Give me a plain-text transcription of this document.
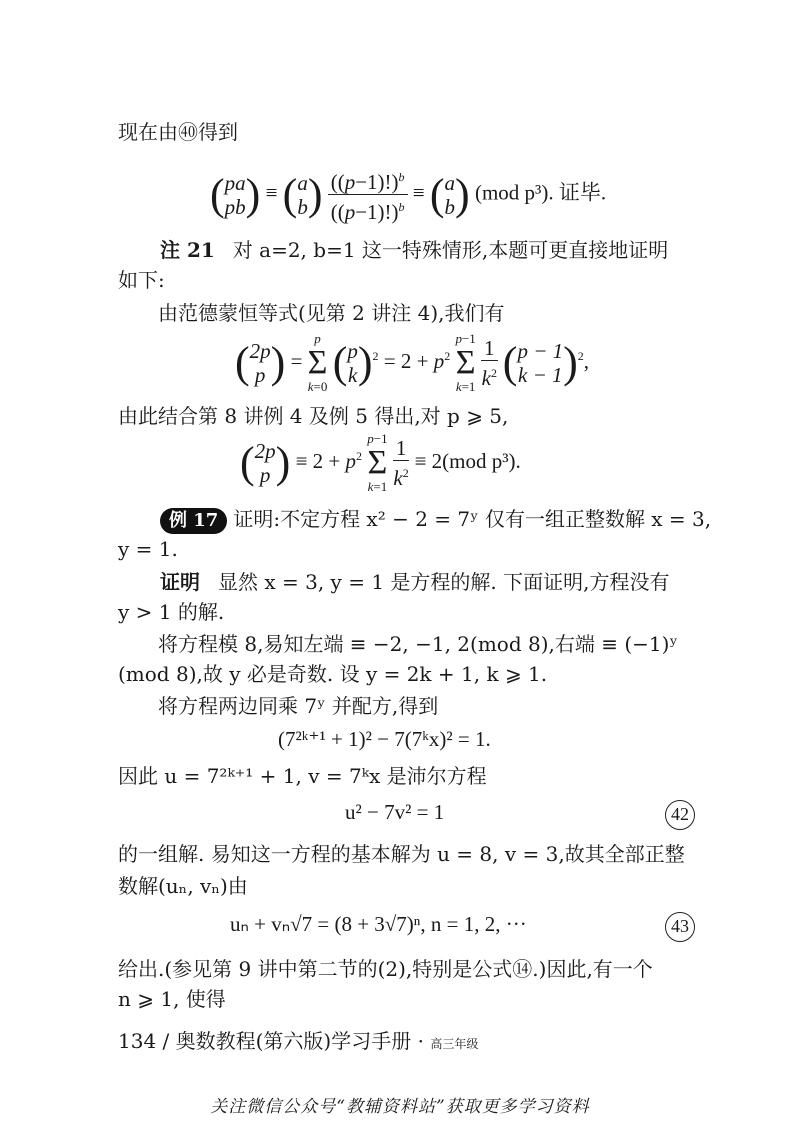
现在由㊵得到
(pa
pb) ≡ (a
$b) \frac{((p-1)!)^b}{((p-1)!)^b} \equiv (a$
b) (mod p³). 证毕.
注 21 对 a=2, b=1 这一特殊情形,本题可更直接地证明
如下:
由范德蒙恒等式(见第 2 讲注 4),我们有
(2p
p ) = p
Σ
k=0 (p
$k)^2 = 2 + p^2$ p−1
Σ
$k=1 \frac{1}{k^2} (p - 1$
k − 1)$^2$,
由此结合第 8 讲例 4 及例 5 得出,对 p ⩾ 5,
(2p
p ) ≡ $2 + p^2$ p−1
Σ
$k=1 \frac{1}{k^2} \equiv 2(mod$ p³).
例 17 证明:不定方程 x² − 2 = 7ʸ 仅有一组正整数解 x = 3,
y = 1.
证明 显然 x = 3, y = 1 是方程的解. 下面证明,方程没有
y > 1 的解.
将方程模 8,易知左端 ≡ −2, −1, 2(mod 8),右端 ≡ (−1)ʸ
(mod 8),故 y 必是奇数. 设 y = 2k + 1, k ⩾ 1.
将方程两边同乘 7ʸ 并配方,得到
(7²ᵏ⁺¹ + 1)² − 7(7ᵏx)² = 1.
因此 u = 7²ᵏ⁺¹ + 1, v = 7ᵏx 是沛尔方程
u² − 7v² = 1	42
的一组解. 易知这一方程的基本解为 u = 8, v = 3,故其全部正整
数解(uₙ, vₙ)由
uₙ + vₙ√7 = (8 + 3√7)ⁿ, n = 1, 2, ···	43
给出.(参见第 9 讲中第二节的(2),特别是公式⑭.)因此,有一个
n ⩾ 1, 使得
134 / 奥数教程(第六版)学习手册 · 高三年级
关注微信公众号“教辅资料站”获取更多学习资料
